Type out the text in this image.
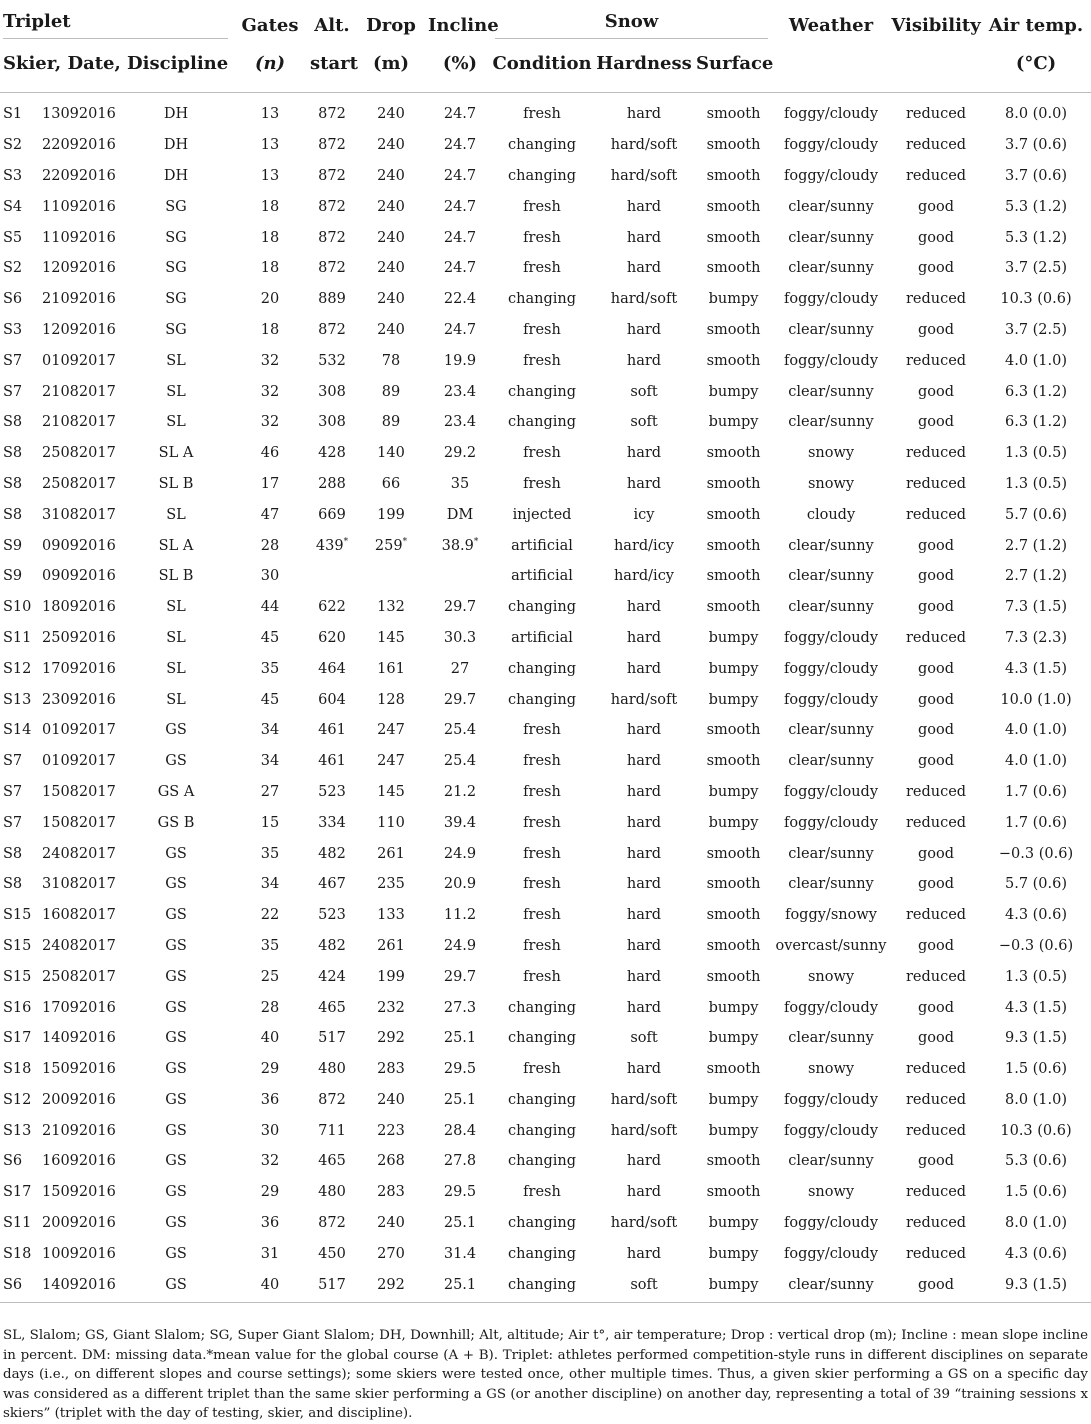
Triplet			Gates	Alt.	Drop	Incline	Snow			Weather	Visibility	Air temp.
Skier, Date, Discipline			(n)	start	(m)	(%)	Condition	Hardness	Surface			(°C)
S1	13092016	DH	13	872	240	24.7	fresh	hard	smooth	foggy/cloudy	reduced	8.0 (0.0)
S2	22092016	DH	13	872	240	24.7	changing	hard/soft	smooth	foggy/cloudy	reduced	3.7 (0.6)
S3	22092016	DH	13	872	240	24.7	changing	hard/soft	smooth	foggy/cloudy	reduced	3.7 (0.6)
S4	11092016	SG	18	872	240	24.7	fresh	hard	smooth	clear/sunny	good	5.3 (1.2)
S5	11092016	SG	18	872	240	24.7	fresh	hard	smooth	clear/sunny	good	5.3 (1.2)
S2	12092016	SG	18	872	240	24.7	fresh	hard	smooth	clear/sunny	good	3.7 (2.5)
S6	21092016	SG	20	889	240	22.4	changing	hard/soft	bumpy	foggy/cloudy	reduced	10.3 (0.6)
S3	12092016	SG	18	872	240	24.7	fresh	hard	smooth	clear/sunny	good	3.7 (2.5)
S7	01092017	SL	32	532	78	19.9	fresh	hard	smooth	foggy/cloudy	reduced	4.0 (1.0)
S7	21082017	SL	32	308	89	23.4	changing	soft	bumpy	clear/sunny	good	6.3 (1.2)
S8	21082017	SL	32	308	89	23.4	changing	soft	bumpy	clear/sunny	good	6.3 (1.2)
S8	25082017	SL A	46	428	140	29.2	fresh	hard	smooth	snowy	reduced	1.3 (0.5)
S8	25082017	SL B	17	288	66	35	fresh	hard	smooth	snowy	reduced	1.3 (0.5)
S8	31082017	SL	47	669	199	DM	injected	icy	smooth	cloudy	reduced	5.7 (0.6)
S9	09092016	SL A	28	439*	259*	38.9*	artificial	hard/icy	smooth	clear/sunny	good	2.7 (1.2)
S9	09092016	SL B	30				artificial	hard/icy	smooth	clear/sunny	good	2.7 (1.2)
S10	18092016	SL	44	622	132	29.7	changing	hard	smooth	clear/sunny	good	7.3 (1.5)
S11	25092016	SL	45	620	145	30.3	artificial	hard	bumpy	foggy/cloudy	reduced	7.3 (2.3)
S12	17092016	SL	35	464	161	27	changing	hard	bumpy	foggy/cloudy	good	4.3 (1.5)
S13	23092016	SL	45	604	128	29.7	changing	hard/soft	bumpy	foggy/cloudy	good	10.0 (1.0)
S14	01092017	GS	34	461	247	25.4	fresh	hard	smooth	clear/sunny	good	4.0 (1.0)
S7	01092017	GS	34	461	247	25.4	fresh	hard	smooth	clear/sunny	good	4.0 (1.0)
S7	15082017	GS A	27	523	145	21.2	fresh	hard	bumpy	foggy/cloudy	reduced	1.7 (0.6)
S7	15082017	GS B	15	334	110	39.4	fresh	hard	bumpy	foggy/cloudy	reduced	1.7 (0.6)
S8	24082017	GS	35	482	261	24.9	fresh	hard	smooth	clear/sunny	good	−0.3 (0.6)
S8	31082017	GS	34	467	235	20.9	fresh	hard	smooth	clear/sunny	good	5.7 (0.6)
S15	16082017	GS	22	523	133	11.2	fresh	hard	smooth	foggy/snowy	reduced	4.3 (0.6)
S15	24082017	GS	35	482	261	24.9	fresh	hard	smooth	overcast/sunny	good	−0.3 (0.6)
S15	25082017	GS	25	424	199	29.7	fresh	hard	smooth	snowy	reduced	1.3 (0.5)
S16	17092016	GS	28	465	232	27.3	changing	hard	bumpy	foggy/cloudy	good	4.3 (1.5)
S17	14092016	GS	40	517	292	25.1	changing	soft	bumpy	clear/sunny	good	9.3 (1.5)
S18	15092016	GS	29	480	283	29.5	fresh	hard	smooth	snowy	reduced	1.5 (0.6)
S12	20092016	GS	36	872	240	25.1	changing	hard/soft	bumpy	foggy/cloudy	reduced	8.0 (1.0)
S13	21092016	GS	30	711	223	28.4	changing	hard/soft	bumpy	foggy/cloudy	reduced	10.3 (0.6)
S6	16092016	GS	32	465	268	27.8	changing	hard	smooth	clear/sunny	good	5.3 (0.6)
S17	15092016	GS	29	480	283	29.5	fresh	hard	smooth	snowy	reduced	1.5 (0.6)
S11	20092016	GS	36	872	240	25.1	changing	hard/soft	bumpy	foggy/cloudy	reduced	8.0 (1.0)
S18	10092016	GS	31	450	270	31.4	changing	hard	bumpy	foggy/cloudy	reduced	4.3 (0.6)
S6	14092016	GS	40	517	292	25.1	changing	soft	bumpy	clear/sunny	good	9.3 (1.5)
SL, Slalom; GS, Giant Slalom; SG, Super Giant Slalom; DH, Downhill; Alt, altitude; Air t°, air temperature; Drop : vertical drop (m); Incline : mean slope incline in percent. DM: missing data.*mean value for the global course (A + B). Triplet: athletes performed competition-style runs in different disciplines on separate days (i.e., on different slopes and course settings); some skiers were tested once, other multiple times. Thus, a given skier performing a GS on a specific day was considered as a different triplet than the same skier performing a GS (or another discipline) on another day, representing a total of 39 “training sessions x skiers” (triplet with the day of testing, skier, and discipline).
